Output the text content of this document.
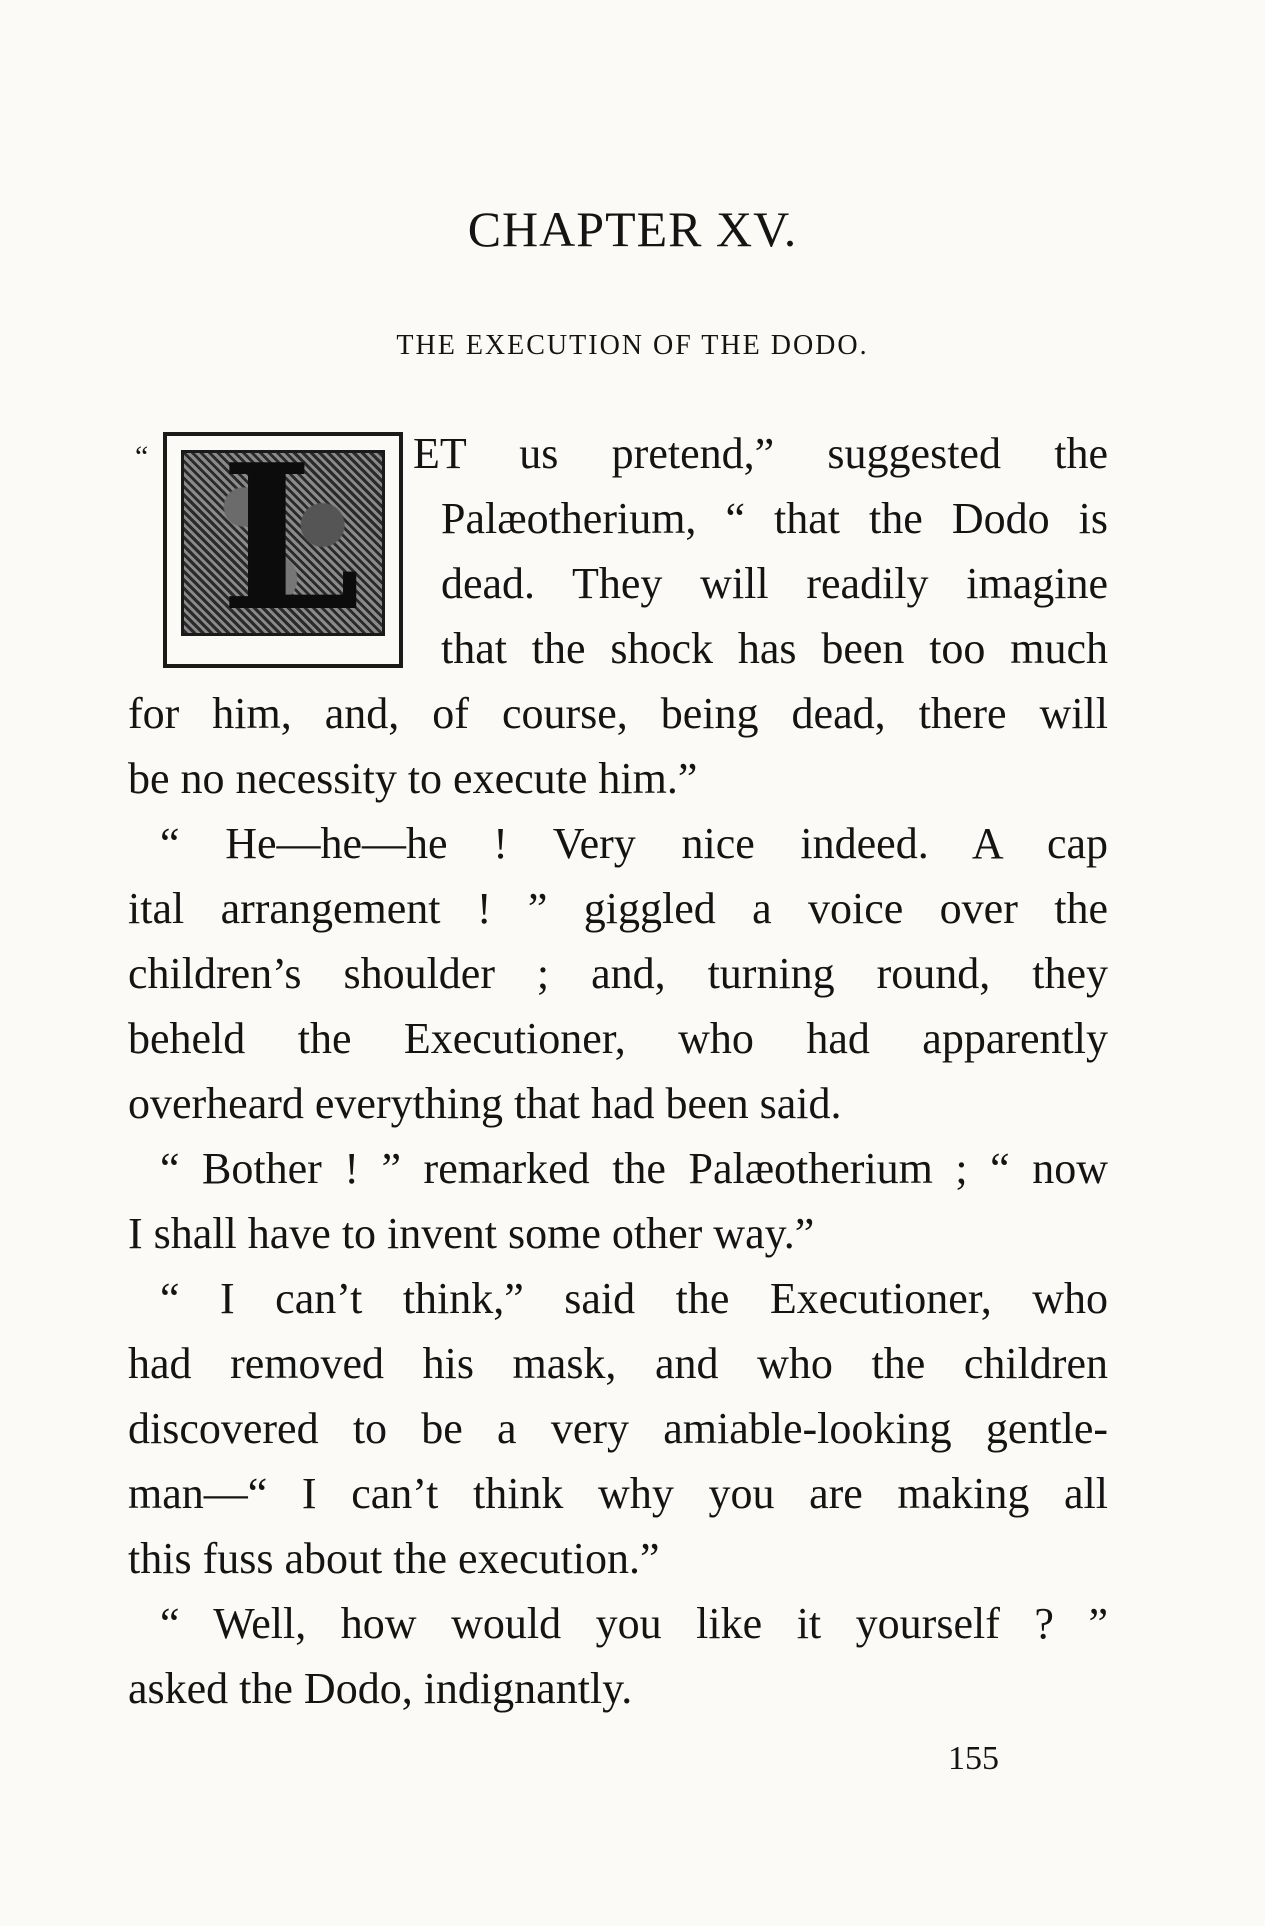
CHAPTER XV.
THE EXECUTION OF THE DODO.
“ L ET us pretend,” suggested the
Palæotherium, “ that the Dodo is
dead. They will readily imagine
that the shock has been too much
for him, and, of course, being dead, there will
be no necessity to execute him.”
“ He—he—he ! Very nice indeed. A cap
ital arrangement ! ” giggled a voice over the
children’s shoulder ; and, turning round, they
beheld the Executioner, who had apparently
overheard everything that had been said.
“ Bother ! ” remarked the Palæotherium ; “ now
I shall have to invent some other way.”
“ I can’t think,” said the Executioner, who
had removed his mask, and who the children
discovered to be a very amiable-looking gentle-
man—“ I can’t think why you are making all
this fuss about the execution.”
“ Well, how would you like it yourself ? ”
asked the Dodo, indignantly.
155
